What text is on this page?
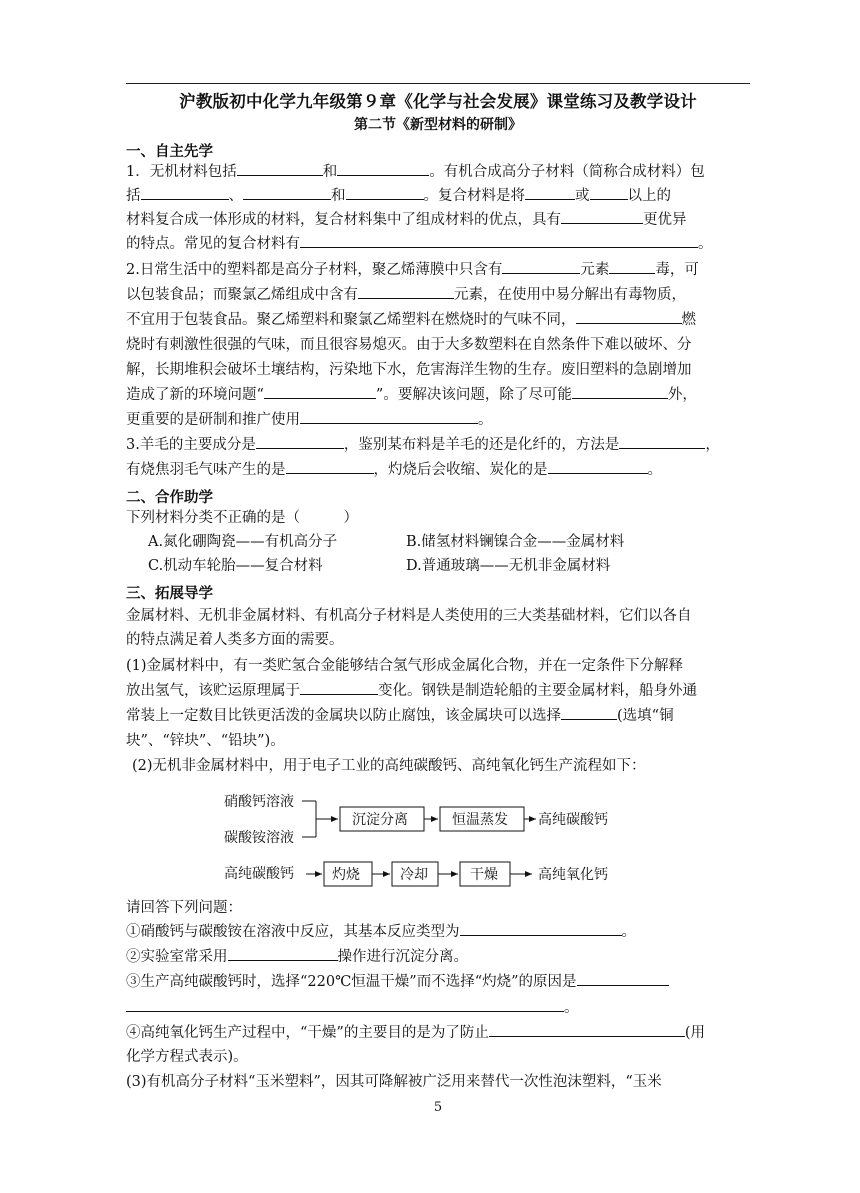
沪教版初中化学九年级第９章《化学与社会发展》课堂练习及教学设计
第二节《新型材料的研制》
一、自主先学
1．无机材料包括	和	。有机合成高分子材料（简称合成材料）包
括	、	和	。复合材料是将	或	以上的
材料复合成一体形成的材料，复合材料集中了组成材料的优点，具有	更优异
的特点。常见的复合材料有	。
2.日常生活中的塑料都是高分子材料，聚乙烯薄膜中只含有	元素	毒，可
以包装食品；而聚氯乙烯组成中含有	元素，在使用中易分解出有毒物质，
不宜用于包装食品。聚乙烯塑料和聚氯乙烯塑料在燃烧时的气味不同，	燃
烧时有刺激性很强的气味，而且很容易熄灭。由于大多数塑料在自然条件下难以破坏、分
解，长期堆积会破坏土壤结构，污染地下水，危害海洋生物的生存。废旧塑料的急剧增加
造成了新的环境问题“	”。要解决该问题，除了尽可能	外，
更重要的是研制和推广使用	。
3.羊毛的主要成分是	，鉴别某布料是羊毛的还是化纤的，方法是	，
有烧焦羽毛气味产生的是	，灼烧后会收缩、炭化的是	。
二、合作助学
下列材料分类不正确的是（　　　）
A.氮化硼陶瓷——有机高分子	B.储氢材料镧镍合金——金属材料
C.机动车轮胎——复合材料	D.普通玻璃——无机非金属材料
三、拓展导学
金属材料、无机非金属材料、有机高分子材料是人类使用的三大类基础材料，它们以各自
的特点满足着人类多方面的需要。
(1)金属材料中，有一类贮氢合金能够结合氢气形成金属化合物，并在一定条件下分解释
放出氢气，该贮运原理属于	变化。钢铁是制造轮船的主要金属材料，船身外通
常装上一定数目比铁更活泼的金属块以防止腐蚀，该金属块可以选择	(选填“铜
块”、“锌块”、“铅块”)。
(2)无机非金属材料中，用于电子工业的高纯碳酸钙、高纯氧化钙生产流程如下：
硝酸钙溶液
碳酸铵溶液
沉淀分离	恒温蒸发 高纯碳酸钙
高纯碳酸钙	灼烧	冷却	干燥	高纯氧化钙
请回答下列问题：
①硝酸钙与碳酸铵在溶液中反应，其基本反应类型为	。
②实验室常采用	操作进行沉淀分离。
③生产高纯碳酸钙时，选择“220℃恒温干燥”而不选择“灼烧”的原因是
。
④高纯氧化钙生产过程中，“干燥”的主要目的是为了防止	(用
化学方程式表示)。
(3)有机高分子材料“玉米塑料”，因其可降解被广泛用来替代一次性泡沫塑料，“玉米
5
